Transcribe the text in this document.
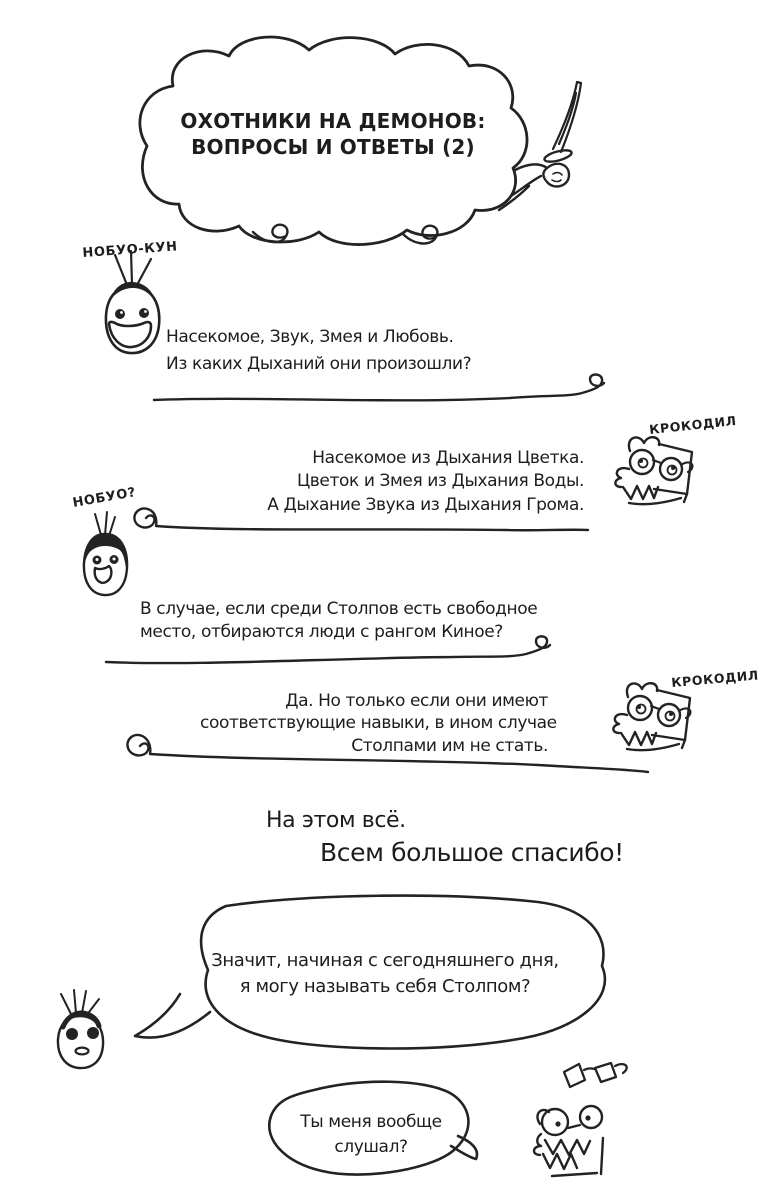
ОХОТНИКИ НА ДЕМОНОВ:
ВОПРОСЫ И ОТВЕТЫ (2)
НОБУО-КУН
Насекомое, Звук, Змея и Любовь.
Из каких Дыханий они произошли?
КРОКОДИЛ
Насекомое из Дыхания Цветка.
Цветок и Змея из Дыхания Воды.
А Дыхание Звука из Дыхания Грома.
НОБУО?
В случае, если среди Столпов есть свободное
место, отбираются люди с рангом Киное?
КРОКОДИЛ
Да. Но только если они имеют
соответствующие навыки, в ином случае
Столпами им не стать.
На этом всё.
Всем большое спасибо!
Значит, начиная с сегодняшнего дня,
я могу называть себя Столпом?
Ты меня вообще
слушал?
